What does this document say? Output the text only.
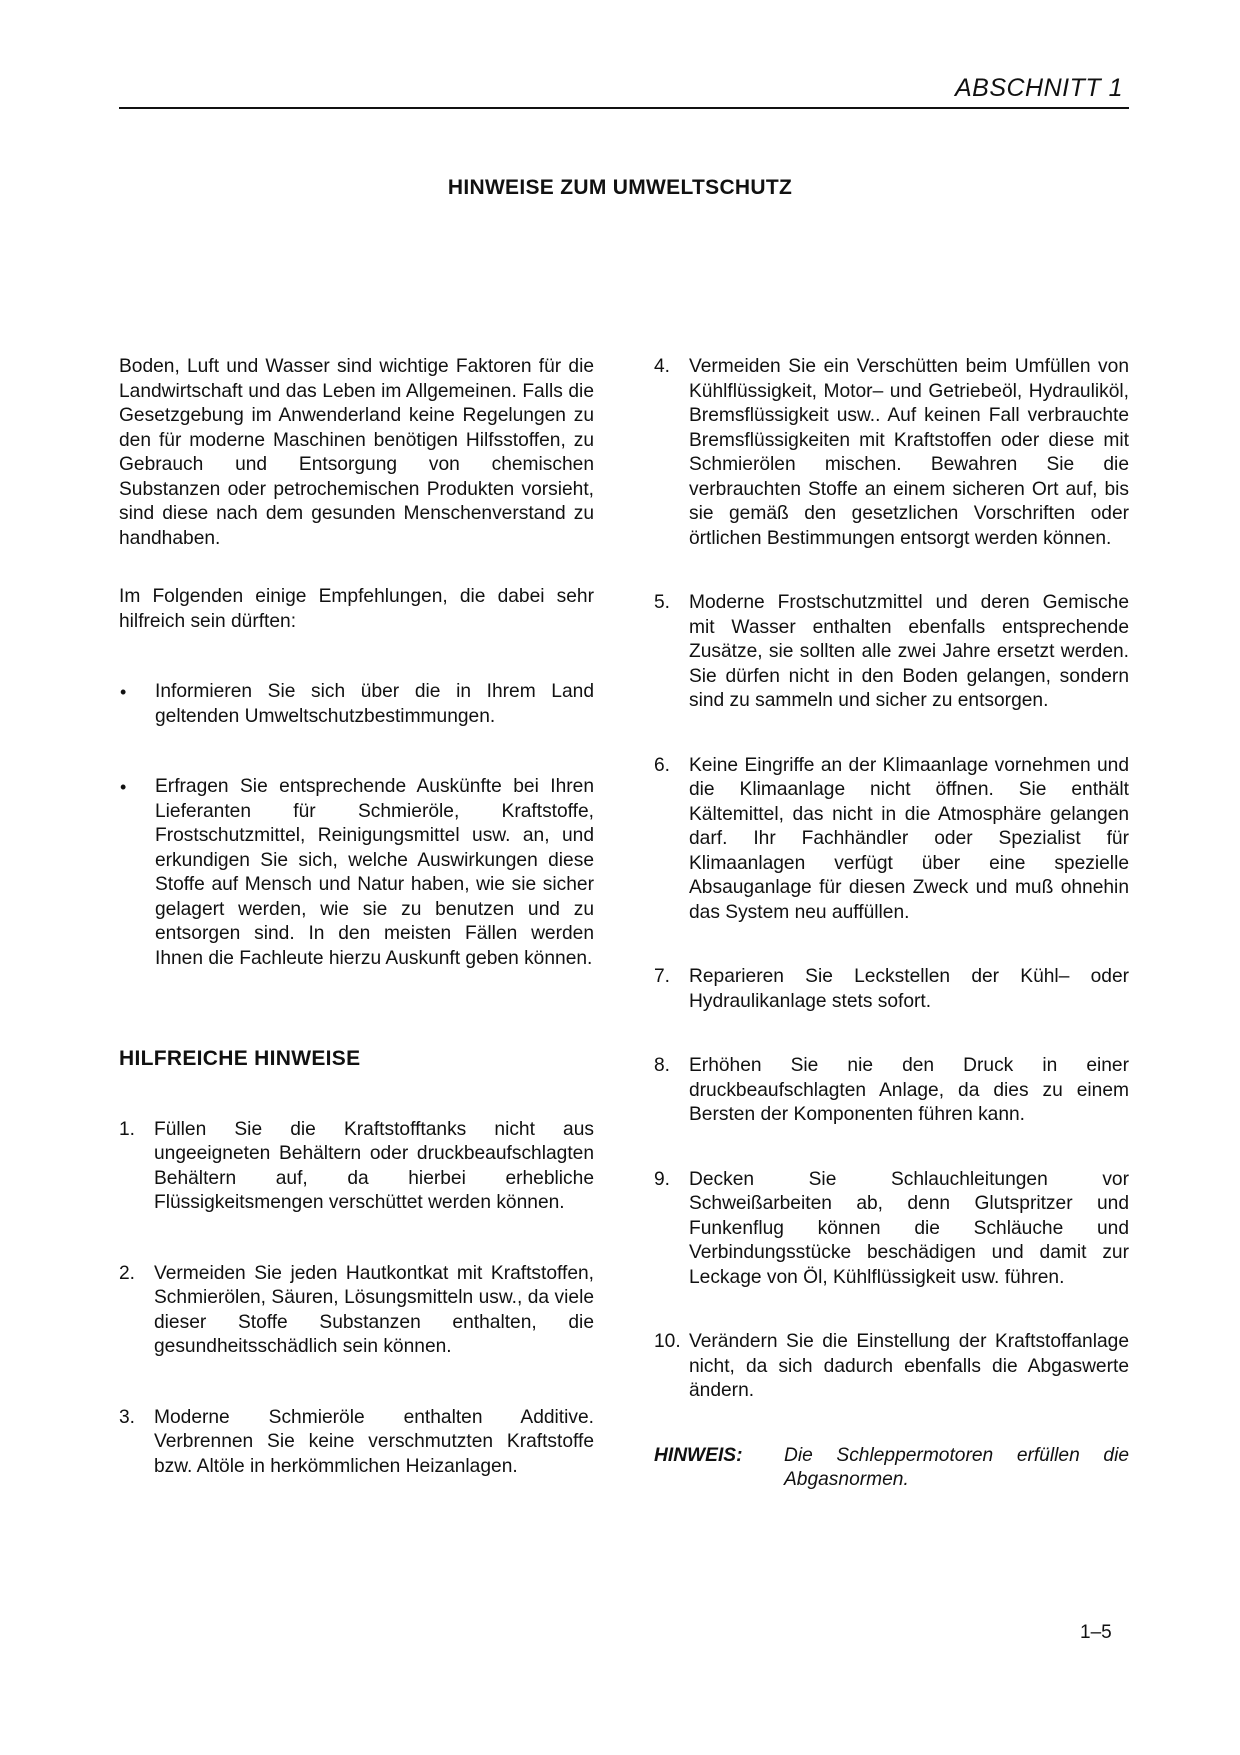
ABSCHNITT 1
HINWEISE ZUM UMWELTSCHUTZ

Boden, Luft und Wasser sind wichtige Faktoren für die Landwirtschaft und das Leben im Allgemeinen. Falls die Gesetzgebung im Anwenderland keine Regelungen zu den für moderne Maschinen benötigen Hilfsstoffen, zu Gebrauch und Entsorgung von chemischen Substanzen oder petrochemischen Produkten vorsieht, sind diese nach dem gesunden Menschenverstand zu handhaben.

Im Folgenden einige Empfehlungen, die dabei sehr hilfreich sein dürften:

•	Informieren Sie sich über die in Ihrem Land geltenden Umweltschutzbestimmungen.
•	Erfragen Sie entsprechende Auskünfte bei Ihren Lieferanten für Schmieröle, Kraftstoffe, Frostschutzmittel, Reinigungsmittel usw. an, und erkundigen Sie sich, welche Auswirkungen diese Stoffe auf Mensch und Natur haben, wie sie sicher gelagert werden, wie sie zu benutzen und zu entsorgen sind. In den meisten Fällen werden Ihnen die Fachleute hierzu Auskunft geben können.
HILFREICHE HINWEISE
1. Füllen Sie die Kraftstofftanks nicht aus ungeeigneten Behältern oder druckbeaufschlagten Behältern auf, da hierbei erhebliche Flüssigkeitsmengen verschüttet werden können.
2. Vermeiden Sie jeden Hautkontkat mit Kraftstoffen, Schmierölen, Säuren, Lösungsmitteln usw., da viele dieser Stoffe Substanzen enthalten, die gesundheitsschädlich sein können.
3. Moderne Schmieröle enthalten Additive. Verbrennen Sie keine verschmutzten Kraftstoffe bzw. Altöle in herkömmlichen Heizanlagen.
4. Vermeiden Sie ein Verschütten beim Umfüllen von Kühlflüssigkeit, Motor– und Getriebeöl, Hydrauliköl, Bremsflüssigkeit usw.. Auf keinen Fall verbrauchte Bremsflüssigkeiten mit Kraftstoffen oder diese mit Schmierölen mischen. Bewahren Sie die verbrauchten Stoffe an einem sicheren Ort auf, bis sie gemäß den gesetzlichen Vorschriften oder örtlichen Bestimmungen entsorgt werden können.
5. Moderne Frostschutzmittel und deren Gemische mit Wasser enthalten ebenfalls entsprechende Zusätze, sie sollten alle zwei Jahre ersetzt werden. Sie dürfen nicht in den Boden gelangen, sondern sind zu sammeln und sicher zu entsorgen.
6. Keine Eingriffe an der Klimaanlage vornehmen und die Klimaanlage nicht öffnen. Sie enthält Kältemittel, das nicht in die Atmosphäre gelangen darf. Ihr Fachhändler oder Spezialist für Klimaanlagen verfügt über eine spezielle Absauganlage für diesen Zweck und muß ohnehin das System neu auffüllen.
7. Reparieren Sie Leckstellen der Kühl– oder Hydraulikanlage stets sofort.
8. Erhöhen Sie nie den Druck in einer druckbeaufschlagten Anlage, da dies zu einem Bersten der Komponenten führen kann.
9. Decken Sie Schlauchleitungen vor Schweißarbeiten ab, denn Glutspritzer und Funkenflug können die Schläuche und Verbindungsstücke beschädigen und damit zur Leckage von Öl, Kühlflüssigkeit usw. führen.
10. Verändern Sie die Einstellung der Kraftstoffanlage nicht, da sich dadurch ebenfalls die Abgaswerte ändern.
HINWEIS:	Die Schleppermotoren erfüllen die Abgasnormen.
1–5
